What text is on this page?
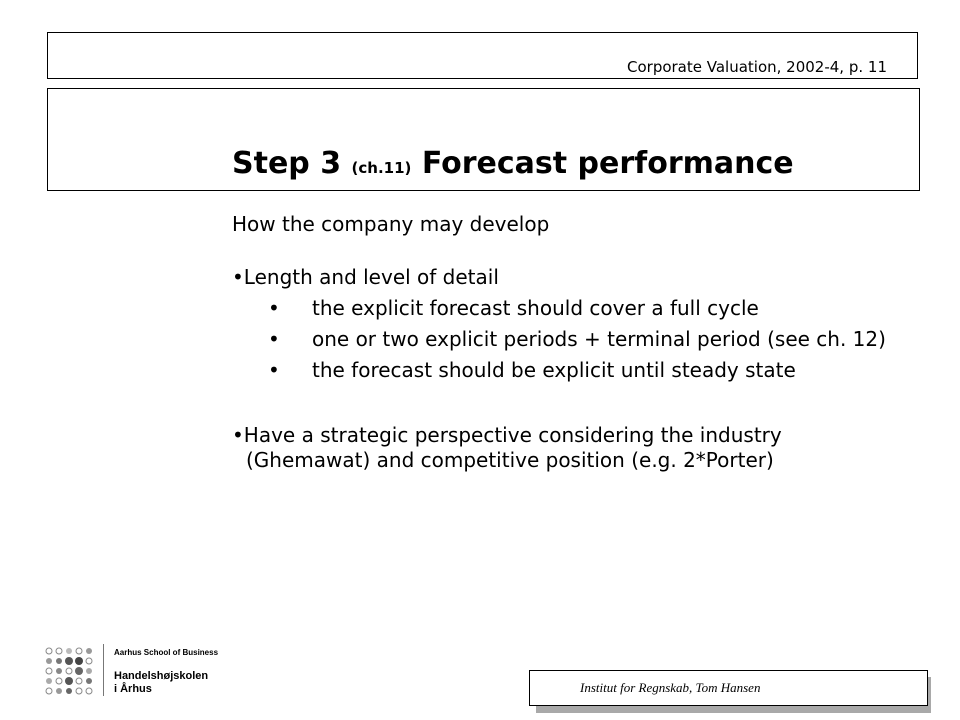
Corporate Valuation, 2002-4, p. 11
Step 3 (ch.11) Forecast performance

How the company may develop

•Length and level of detail

• the explicit forecast should cover a full cycle

• one or two explicit periods + terminal period (see ch. 12)

• the forecast should be explicit until steady state

•Have a strategic perspective considering the industry (Ghemawat) and competitive position (e.g. 2*Porter)

Aarhus School of Business
Handelshøjskolen
i Århus	Institut for Regnskab, Tom Hansen
